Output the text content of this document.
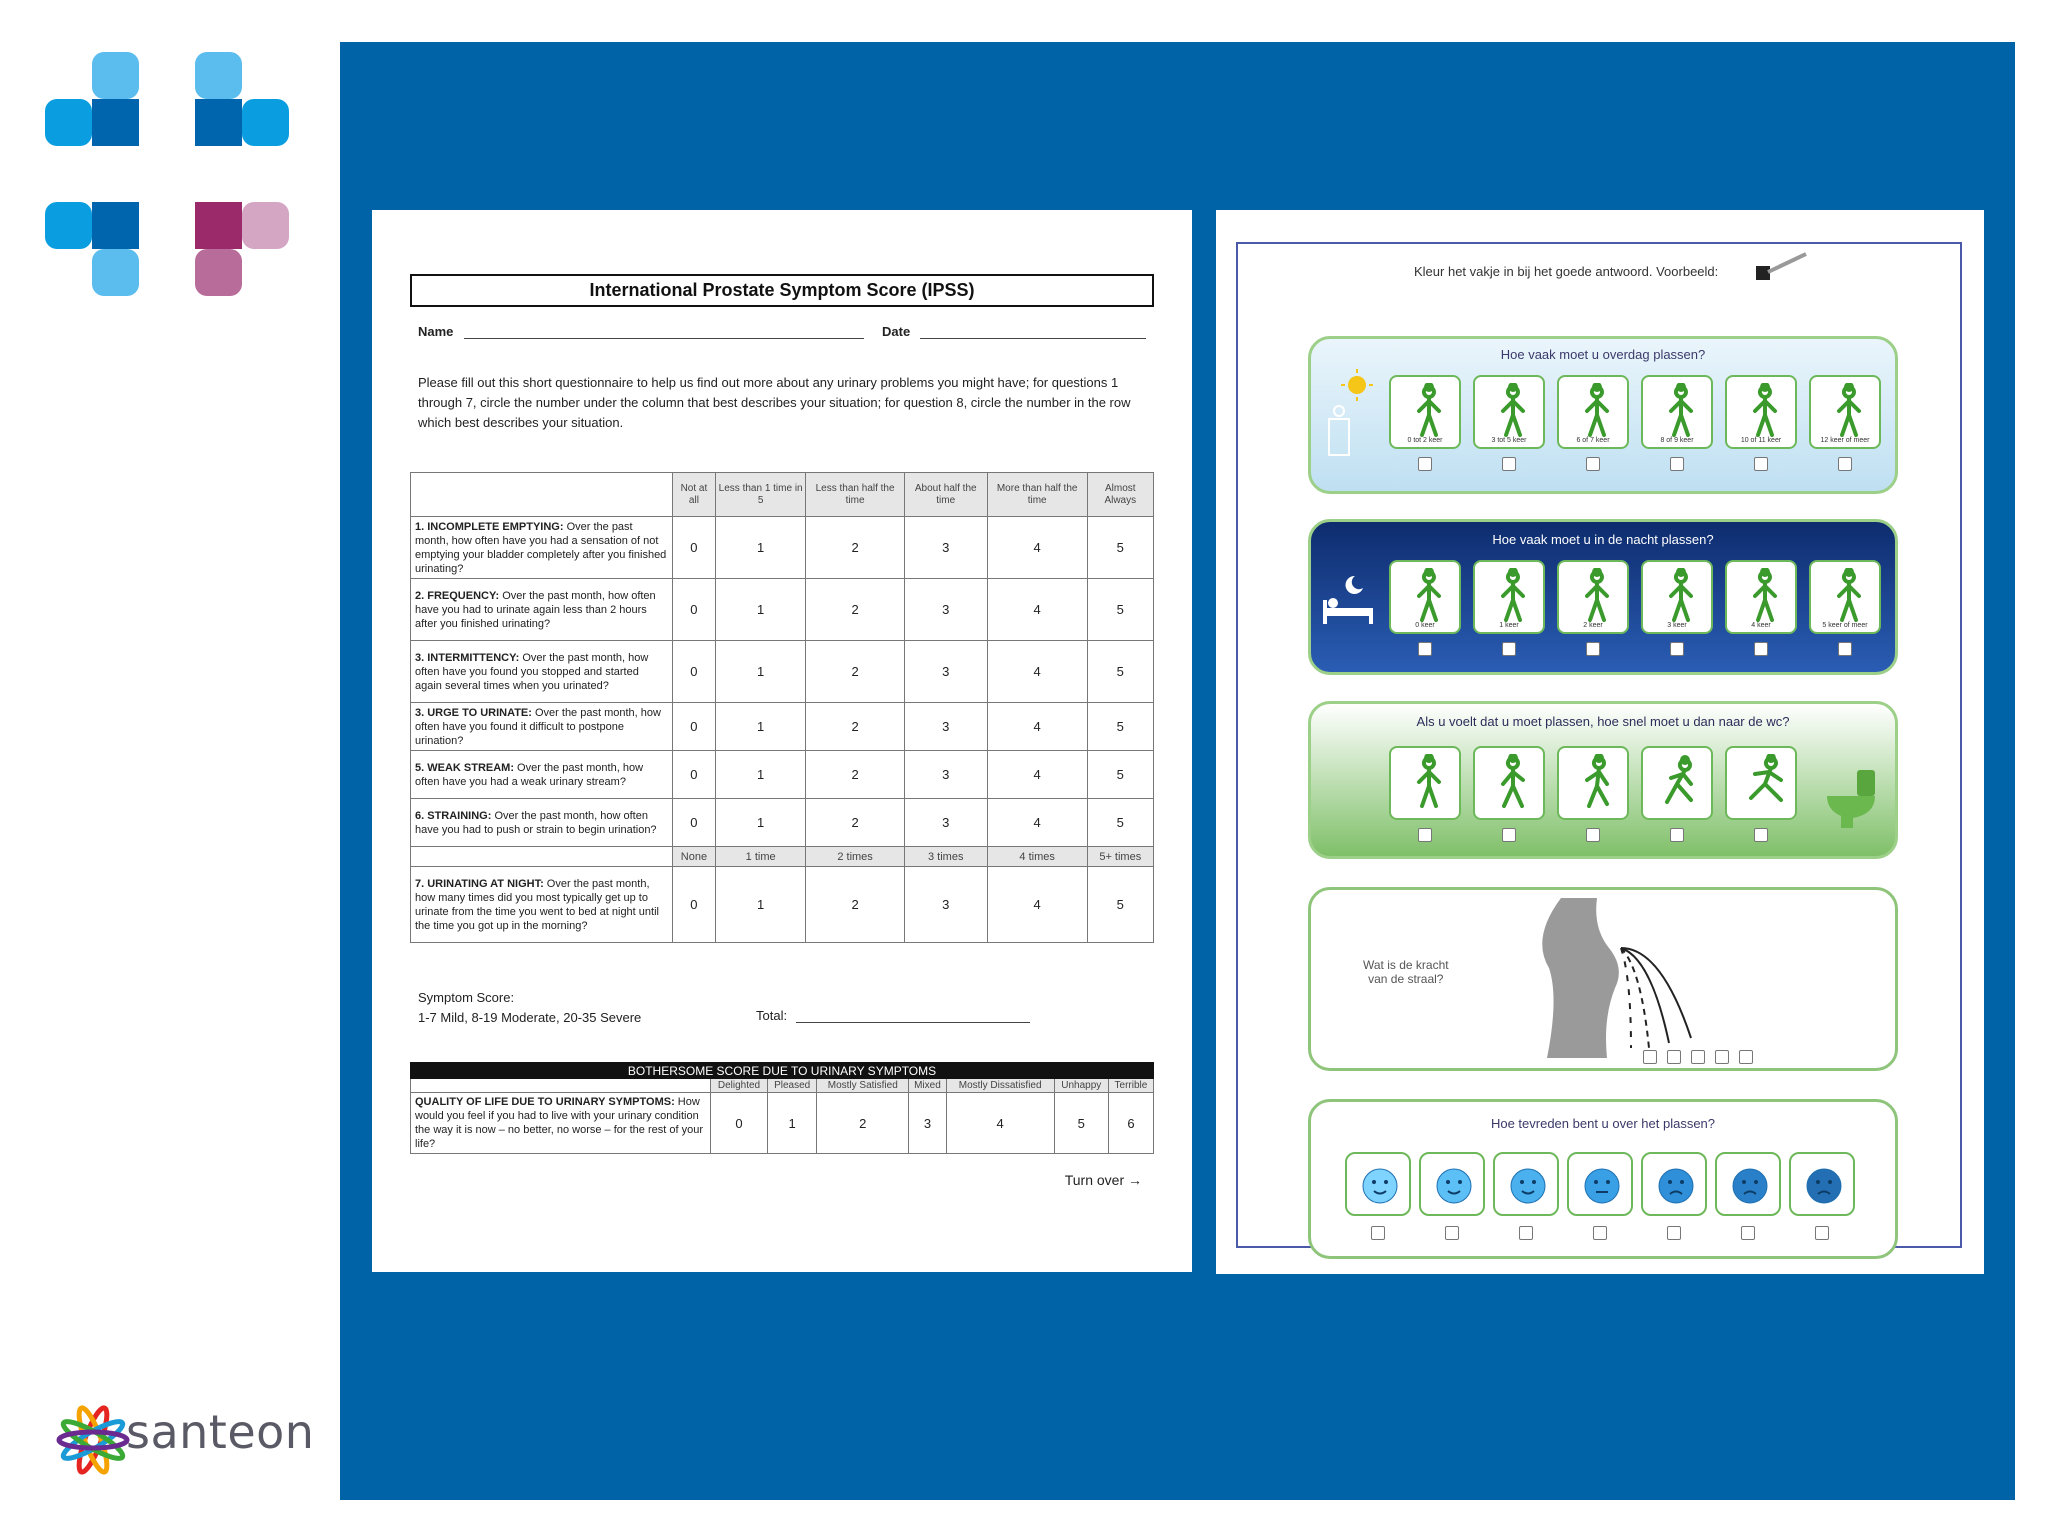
santeon
International Prostate Symptom Score (IPSS)
Name	Date
Please fill out this short questionnaire to help us find out more about any urinary problems you might have; for questions 1 through 7, circle the number under the column that best describes your situation; for question 8, circle the number in the row which best describes your situation.
	Not at all	Less than 1 time in 5	Less than half the time	About half the time	More than half the time	Almost Always
1. INCOMPLETE EMPTYING: Over the past month, how often have you had a sensation of not emptying your bladder completely after you finished urinating?	0	1	2	3	4	5
2. FREQUENCY: Over the past month, how often have you had to urinate again less than 2 hours after you finished urinating?	0	1	2	3	4	5
3. INTERMITTENCY: Over the past month, how often have you found you stopped and started again several times when you urinated?	0	1	2	3	4	5
3. URGE TO URINATE: Over the past month, how often have you found it difficult to postpone urination?	0	1	2	3	4	5
5. WEAK STREAM: Over the past month, how often have you had a weak urinary stream?	0	1	2	3	4	5
6. STRAINING: Over the past month, how often have you had to push or strain to begin urination?	0	1	2	3	4	5
	None	1 time	2 times	3 times	4 times	5+ times
7. URINATING AT NIGHT: Over the past month, how many times did you most typically get up to urinate from the time you went to bed at night until the time you got up in the morning?	0	1	2	3	4	5
Symptom Score:
1-7 Mild, 8-19 Moderate, 20-35 Severe	Total:
BOTHERSOME SCORE DUE TO URINARY SYMPTOMS							
	Delighted	Pleased	Mostly Satisfied	Mixed	Mostly Dissatisfied	Unhappy	Terrible
QUALITY OF LIFE DUE TO URINARY SYMPTOMS: How would you feel if you had to live with your urinary condition the way it is now – no better, no worse – for the rest of your life?	0	1	2	3	4	5	6
Turn over →
Kleur het vakje in bij het goede antwoord. Voorbeeld:
Hoe vaak moet u overdag plassen?
0 tot 2 keer	3 tot 5 keer	6 of 7 keer	8 of 9 keer	10 of 11 keer	12 keer of meer
Hoe vaak moet u in de nacht plassen?
0 keer	1 keer	2 keer	3 keer	4 keer	5 keer of meer
Als u voelt dat u moet plassen, hoe snel moet u dan naar de wc?
Wat is de kracht
van de straal?
Hoe tevreden bent u over het plassen?
